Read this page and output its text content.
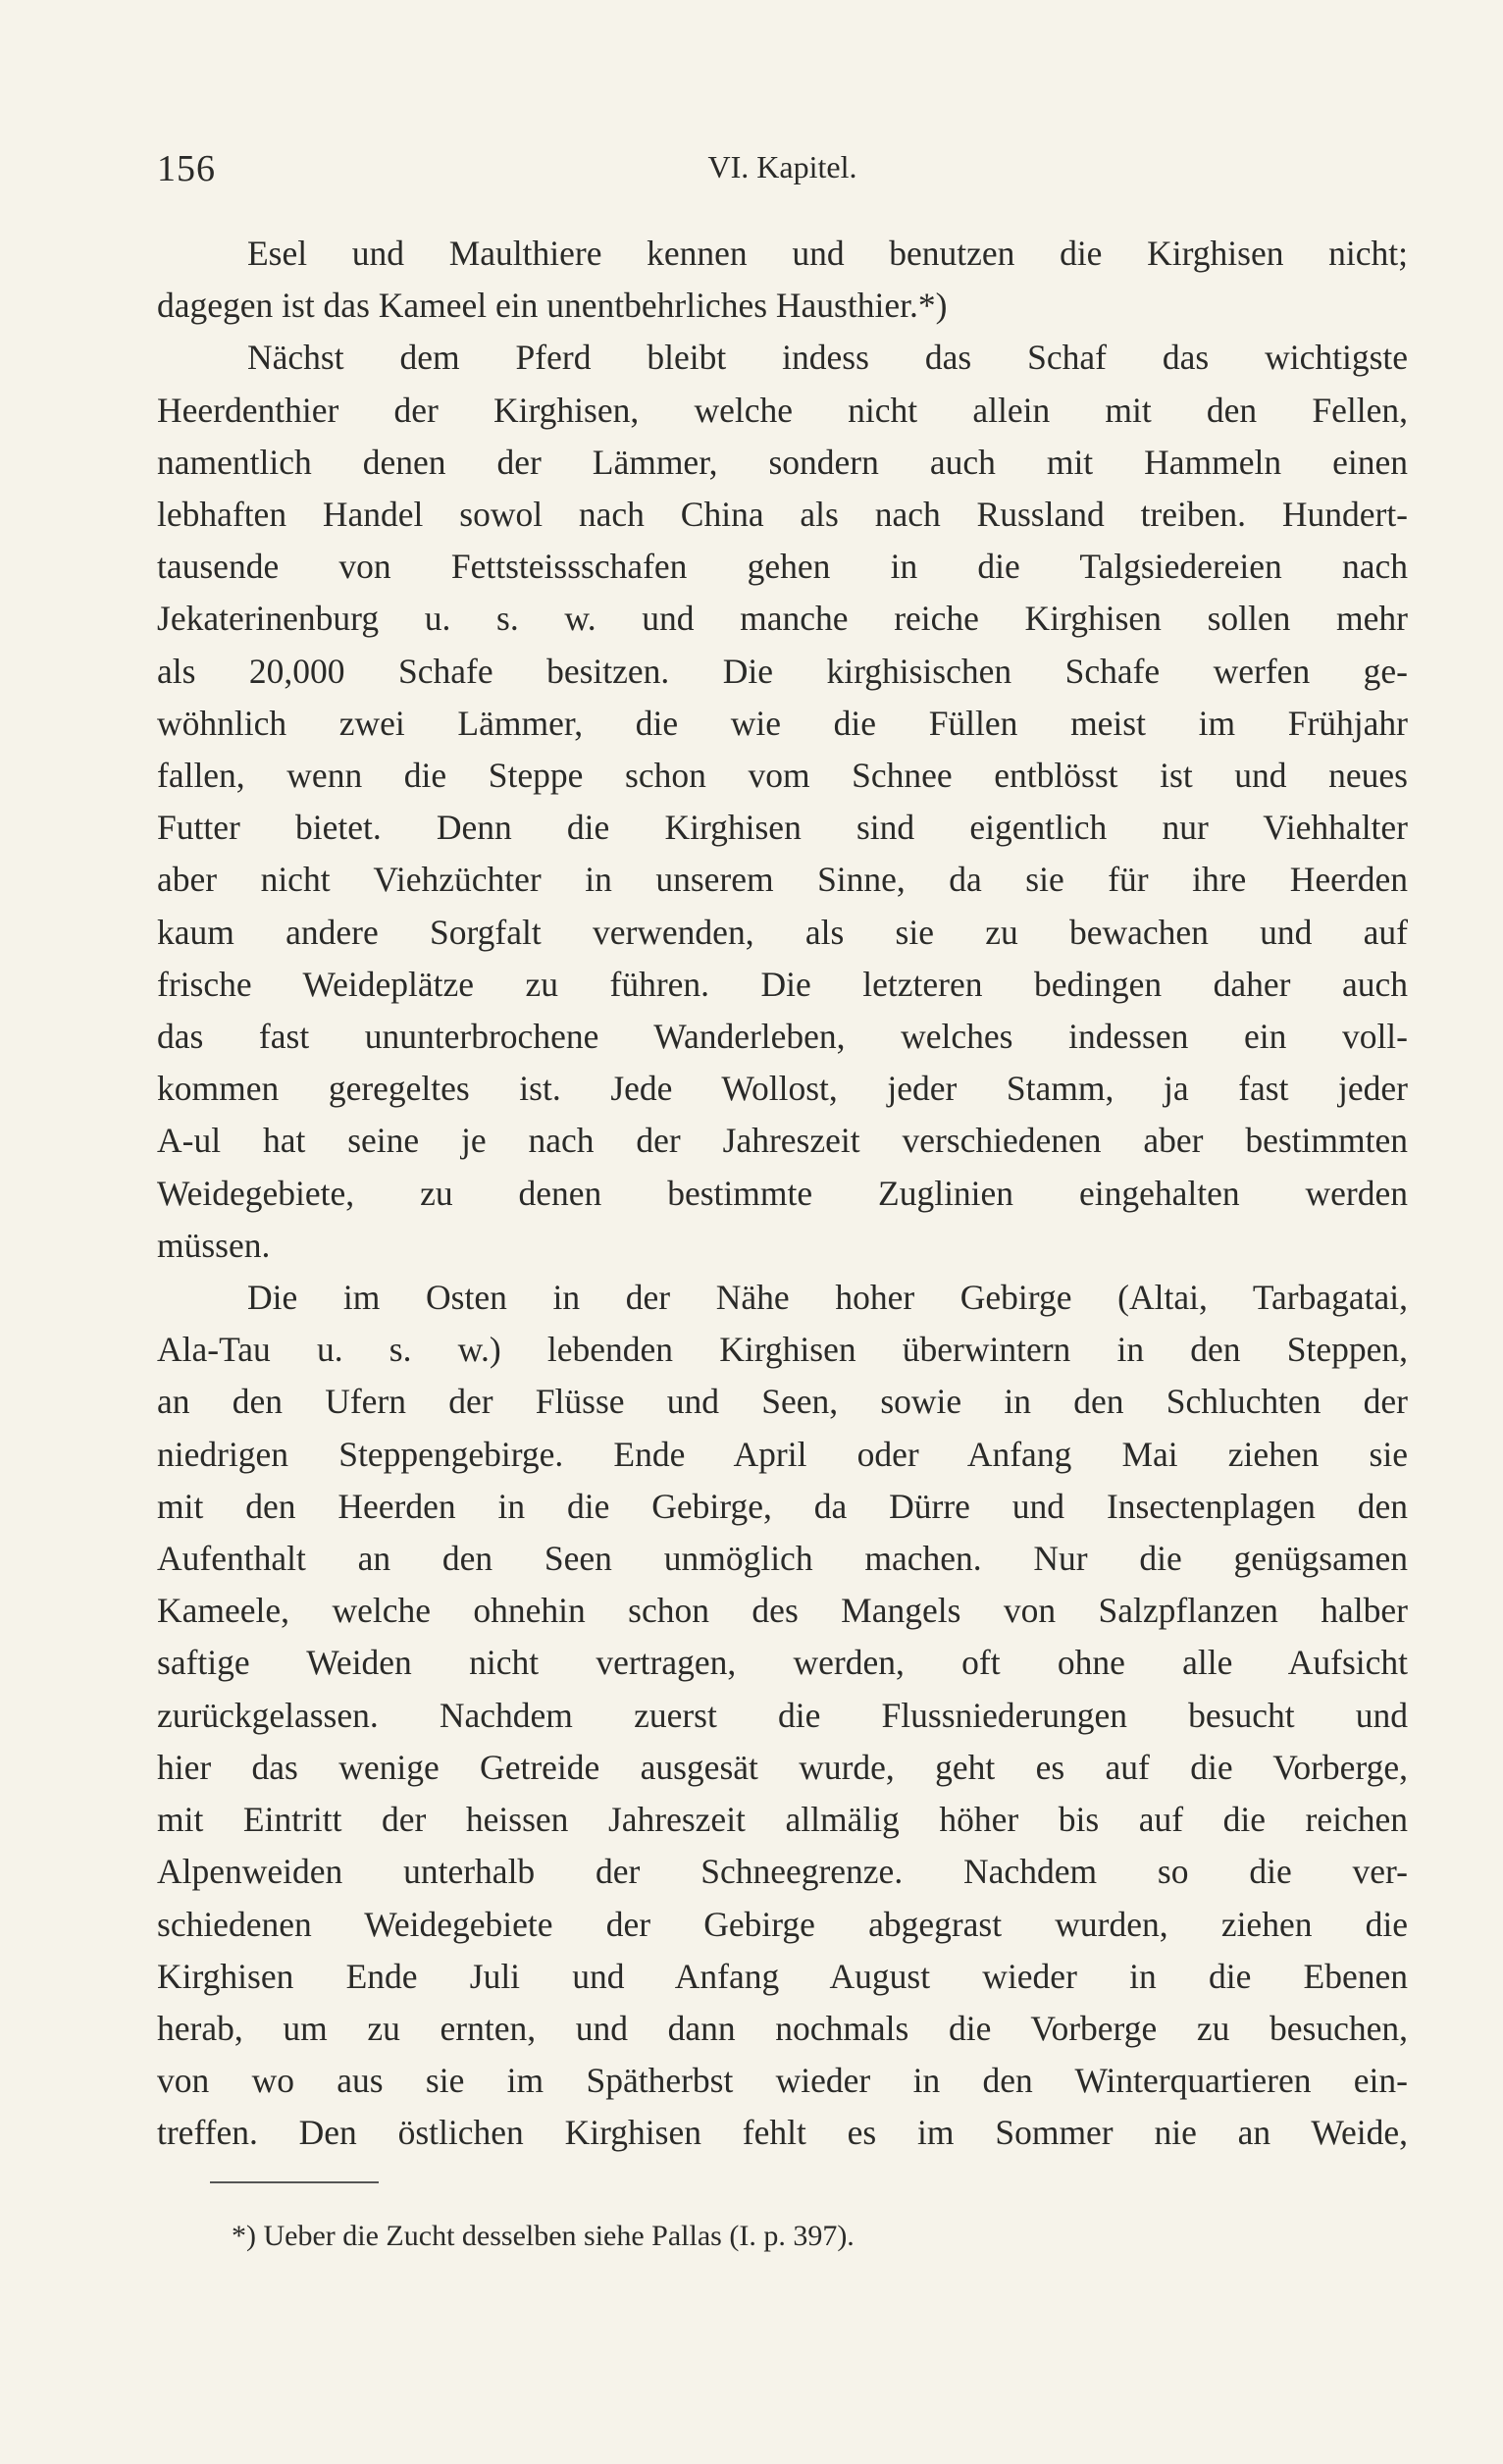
156	VI. Kapitel.
Esel und Maulthiere kennen und benutzen die Kirghisen nicht;
dagegen ist das Kameel ein unentbehrliches Hausthier.*)
Nächst dem Pferd bleibt indess das Schaf das wichtigste
Heerdenthier der Kirghisen, welche nicht allein mit den Fellen,
namentlich denen der Lämmer, sondern auch mit Hammeln einen
lebhaften Handel sowol nach China als nach Russland treiben. Hundert-
tausende von Fettsteissschafen gehen in die Talgsiedereien nach
Jekaterinenburg u. s. w. und manche reiche Kirghisen sollen mehr
als 20,000 Schafe besitzen. Die kirghisischen Schafe werfen ge-
wöhnlich zwei Lämmer, die wie die Füllen meist im Frühjahr
fallen, wenn die Steppe schon vom Schnee entblösst ist und neues
Futter bietet. Denn die Kirghisen sind eigentlich nur Viehhalter
aber nicht Viehzüchter in unserem Sinne, da sie für ihre Heerden
kaum andere Sorgfalt verwenden, als sie zu bewachen und auf
frische Weideplätze zu führen. Die letzteren bedingen daher auch
das fast ununterbrochene Wanderleben, welches indessen ein voll-
kommen geregeltes ist. Jede Wollost, jeder Stamm, ja fast jeder
A-ul hat seine je nach der Jahreszeit verschiedenen aber bestimmten
Weidegebiete, zu denen bestimmte Zuglinien eingehalten werden
müssen.
Die im Osten in der Nähe hoher Gebirge (Altai, Tarbagatai,
Ala-Tau u. s. w.) lebenden Kirghisen überwintern in den Steppen,
an den Ufern der Flüsse und Seen, sowie in den Schluchten der
niedrigen Steppengebirge. Ende April oder Anfang Mai ziehen sie
mit den Heerden in die Gebirge, da Dürre und Insectenplagen den
Aufenthalt an den Seen unmöglich machen. Nur die genügsamen
Kameele, welche ohnehin schon des Mangels von Salzpflanzen halber
saftige Weiden nicht vertragen, werden, oft ohne alle Aufsicht
zurückgelassen. Nachdem zuerst die Flussniederungen besucht und
hier das wenige Getreide ausgesät wurde, geht es auf die Vorberge,
mit Eintritt der heissen Jahreszeit allmälig höher bis auf die reichen
Alpenweiden unterhalb der Schneegrenze. Nachdem so die ver-
schiedenen Weidegebiete der Gebirge abgegrast wurden, ziehen die
Kirghisen Ende Juli und Anfang August wieder in die Ebenen
herab, um zu ernten, und dann nochmals die Vorberge zu besuchen,
von wo aus sie im Spätherbst wieder in den Winterquartieren ein-
treffen. Den östlichen Kirghisen fehlt es im Sommer nie an Weide,
*) Ueber die Zucht desselben siehe Pallas (I. p. 397).
